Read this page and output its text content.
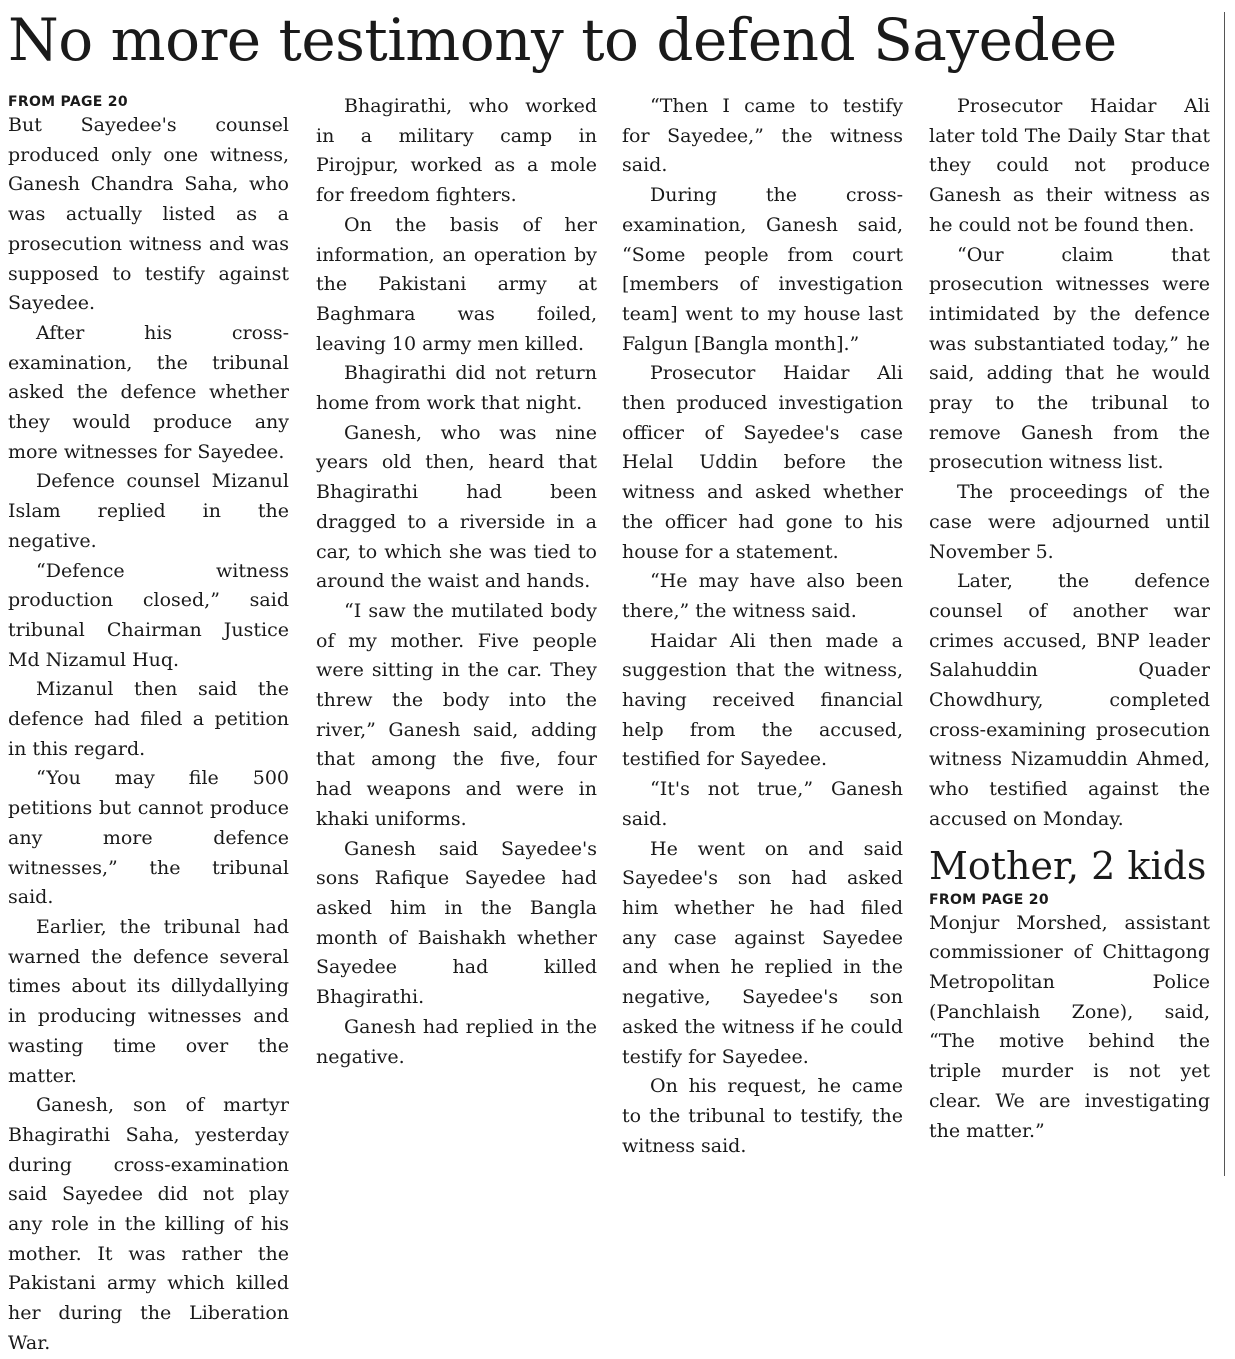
No more testimony to defend Sayedee
FROM PAGE 20

But Sayedee's counsel produced only one witness, Ganesh Chandra Saha, who was actually listed as a prosecution witness and was supposed to testify against Sayedee.

After his cross-examination, the tribunal asked the defence whether they would produce any more witnesses for Sayedee.

Defence counsel Mizanul Islam replied in the negative.

“Defence witness production closed,” said tribunal Chairman Justice Md Nizamul Huq.

Mizanul then said the defence had filed a petition in this regard.

“You may file 500 petitions but cannot produce any more defence witnesses,” the tribunal said.

Earlier, the tribunal had warned the defence several times about its dillydallying in producing witnesses and wasting time over the matter.

Ganesh, son of martyr Bhagirathi Saha, yesterday during cross-examination said Sayedee did not play any role in the killing of his mother. It was rather the Pakistani army which killed her during the Liberation War.

Bhagirathi, who worked in a military camp in Pirojpur, worked as a mole for freedom fighters.

On the basis of her information, an operation by the Pakistani army at Baghmara was foiled, leaving 10 army men killed.

Bhagirathi did not return home from work that night.

Ganesh, who was nine years old then, heard that Bhagirathi had been dragged to a riverside in a car, to which she was tied to around the waist and hands.

“I saw the mutilated body of my mother. Five people were sitting in the car. They threw the body into the river,” Ganesh said, adding that among the five, four had weapons and were in khaki uniforms.

Ganesh said Sayedee's sons Rafique Sayedee had asked him in the Bangla month of Baishakh whether Sayedee had killed Bhagirathi.

Ganesh had replied in the negative.

“Then I came to testify for Sayedee,” the witness said.

During the cross-examination, Ganesh said, “Some people from court [members of investigation team] went to my house last Falgun [Bangla month].”

Prosecutor Haidar Ali then produced investigation officer of Sayedee's case Helal Uddin before the witness and asked whether the officer had gone to his house for a statement.

“He may have also been there,” the witness said.

Haidar Ali then made a suggestion that the witness, having received financial help from the accused, testified for Sayedee.

“It's not true,” Ganesh said.

He went on and said Sayedee's son had asked him whether he had filed any case against Sayedee and when he replied in the negative, Sayedee's son asked the witness if he could testify for Sayedee.

On his request, he came to the tribunal to testify, the witness said.

Prosecutor Haidar Ali later told The Daily Star that they could not produce Ganesh as their witness as he could not be found then.

“Our claim that prosecution witnesses were intimidated by the defence was substantiated today,” he said, adding that he would pray to the tribunal to remove Ganesh from the prosecution witness list.

The proceedings of the case were adjourned until November 5.

Later, the defence counsel of another war crimes accused, BNP leader Salahuddin Quader Chowdhury, completed cross-examining prosecution witness Nizamuddin Ahmed, who testified against the accused on Monday.

Mother, 2 kids
FROM PAGE 20

Monjur Morshed, assistant commissioner of Chittagong Metropolitan Police (Panchlaish Zone), said, “The motive behind the triple murder is not yet clear. We are investigating the matter.”
